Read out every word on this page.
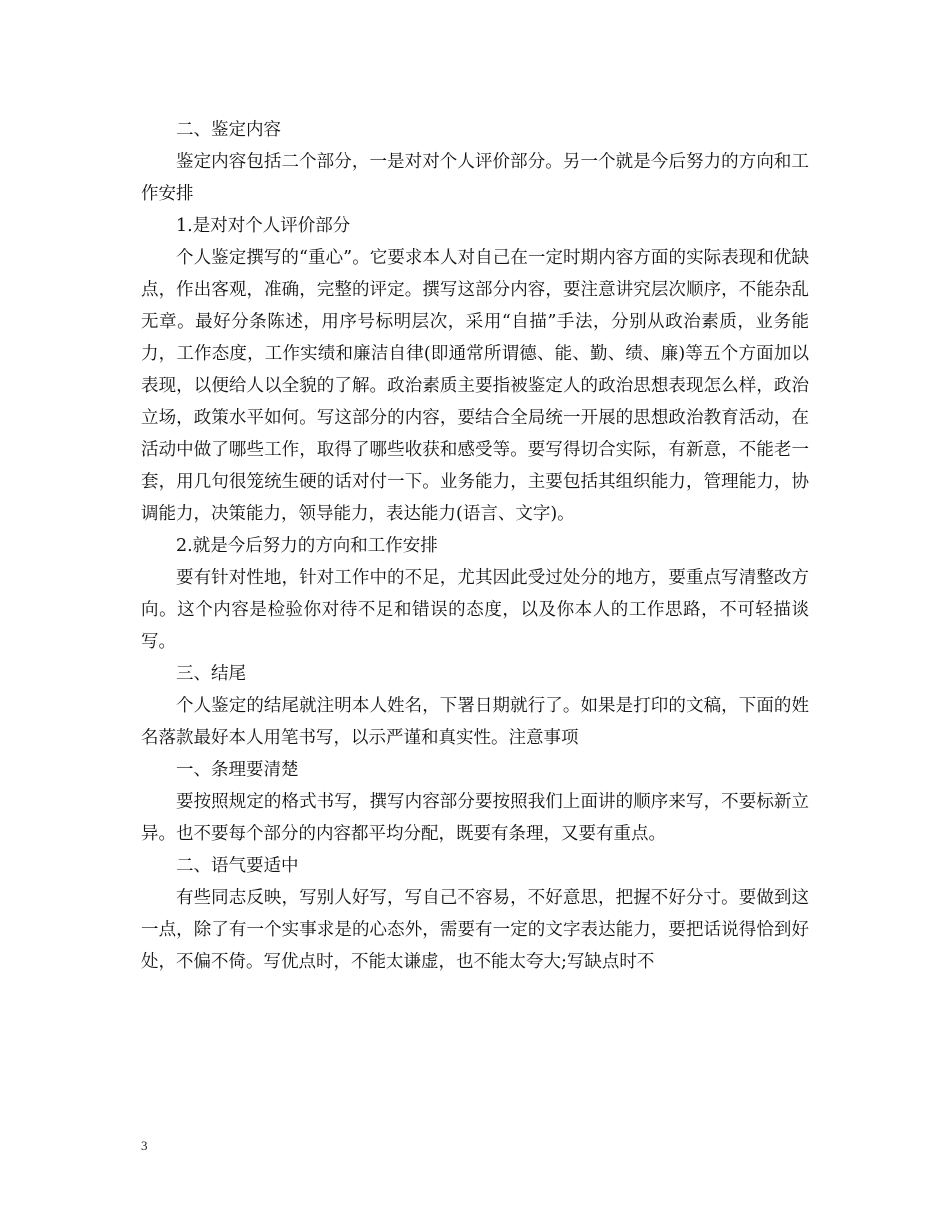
二、鉴定内容

鉴定内容包括二个部分，一是对对个人评价部分。另一个就是今后努力的方向和工作安排

1.是对对个人评价部分

个人鉴定撰写的“重心”。它要求本人对自己在一定时期内容方面的实际表现和优缺点，作出客观，准确，完整的评定。撰写这部分内容，要注意讲究层次顺序，不能杂乱无章。最好分条陈述，用序号标明层次，采用“自描”手法，分别从政治素质，业务能力，工作态度，工作实绩和廉洁自律(即通常所谓德、能、勤、绩、廉)等五个方面加以表现，以便给人以全貌的了解。政治素质主要指被鉴定人的政治思想表现怎么样，政治立场，政策水平如何。写这部分的内容，要结合全局统一开展的思想政治教育活动，在活动中做了哪些工作，取得了哪些收获和感受等。要写得切合实际，有新意，不能老一套，用几句很笼统生硬的话对付一下。业务能力，主要包括其组织能力，管理能力，协调能力，决策能力，领导能力，表达能力(语言、文字)。

2.就是今后努力的方向和工作安排

要有针对性地，针对工作中的不足，尤其因此受过处分的地方，要重点写清整改方向。这个内容是检验你对待不足和错误的态度，以及你本人的工作思路，不可轻描谈写。

三、结尾

个人鉴定的结尾就注明本人姓名，下署日期就行了。如果是打印的文稿，下面的姓名落款最好本人用笔书写，以示严谨和真实性。注意事项

一、条理要清楚

要按照规定的格式书写，撰写内容部分要按照我们上面讲的顺序来写，不要标新立异。也不要每个部分的内容都平均分配，既要有条理，又要有重点。

二、语气要适中

有些同志反映，写别人好写，写自己不容易，不好意思，把握不好分寸。要做到这一点，除了有一个实事求是的心态外，需要有一定的文字表达能力，要把话说得恰到好处，不偏不倚。写优点时，不能太谦虚，也不能太夸大;写缺点时不

3
